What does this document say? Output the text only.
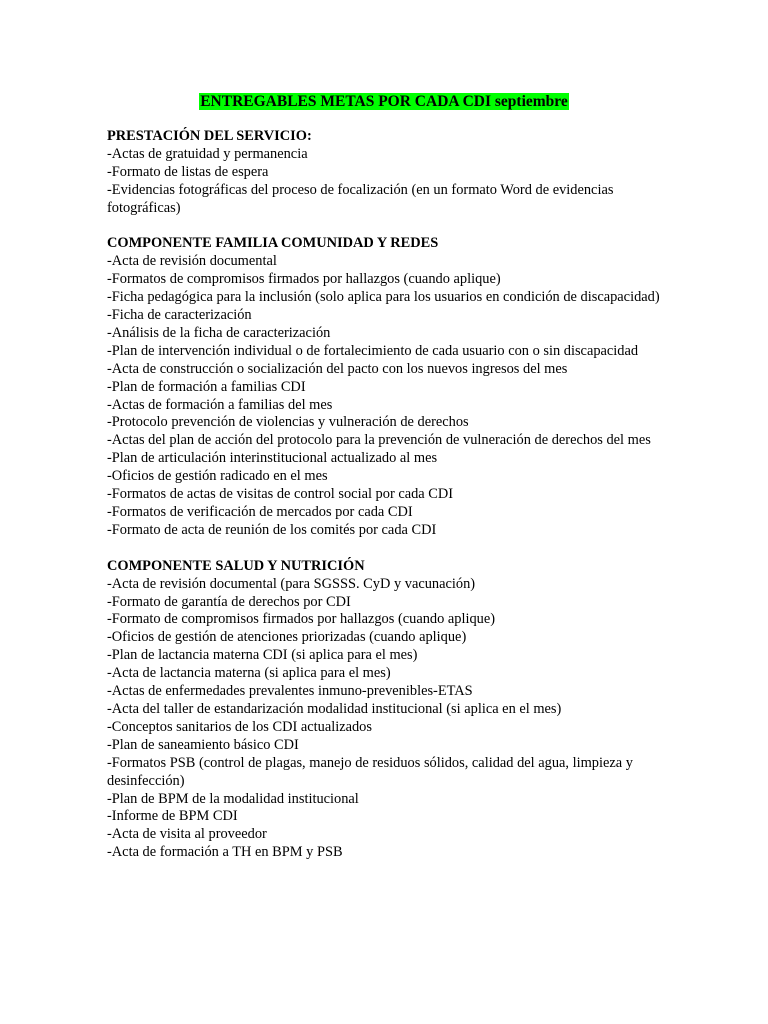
ENTREGABLES METAS POR CADA CDI septiembre
PRESTACIÓN DEL SERVICIO:
-Actas de gratuidad y permanencia
-Formato de listas de espera
-Evidencias fotográficas del proceso de focalización (en un formato Word de evidencias fotográficas)
COMPONENTE FAMILIA COMUNIDAD Y REDES
-Acta de revisión documental
-Formatos de compromisos firmados por hallazgos (cuando aplique)
-Ficha pedagógica para la inclusión (solo aplica para los usuarios en condición de discapacidad)
-Ficha de caracterización
-Análisis de la ficha de caracterización
-Plan de intervención individual o de fortalecimiento de cada usuario con o sin discapacidad
-Acta de construcción o socialización del pacto con los nuevos ingresos del mes
-Plan de formación a familias CDI
-Actas de formación a familias del mes
-Protocolo prevención de violencias y vulneración de derechos
-Actas del plan de acción del protocolo para la prevención de vulneración de derechos del mes
-Plan de articulación interinstitucional actualizado al mes
-Oficios de gestión radicado en el mes
-Formatos de actas de visitas de control social por cada CDI
-Formatos de verificación de mercados por cada CDI
-Formato de acta de reunión de los comités por cada CDI
COMPONENTE SALUD Y NUTRICIÓN
-Acta de revisión documental (para SGSSS. CyD y vacunación)
-Formato de garantía de derechos por CDI
-Formato de compromisos firmados por hallazgos (cuando aplique)
-Oficios de gestión de atenciones priorizadas (cuando aplique)
-Plan de lactancia materna CDI (si aplica para el mes)
-Acta de lactancia materna (si aplica para el mes)
-Actas de enfermedades prevalentes inmuno-prevenibles-ETAS
-Acta del taller de estandarización modalidad institucional (si aplica en el mes)
-Conceptos sanitarios de los CDI actualizados
-Plan de saneamiento básico CDI
-Formatos PSB (control de plagas, manejo de residuos sólidos, calidad del agua, limpieza y desinfección)
-Plan de BPM de la modalidad institucional
-Informe de BPM CDI
-Acta de visita al proveedor
-Acta de formación a TH en BPM y PSB
